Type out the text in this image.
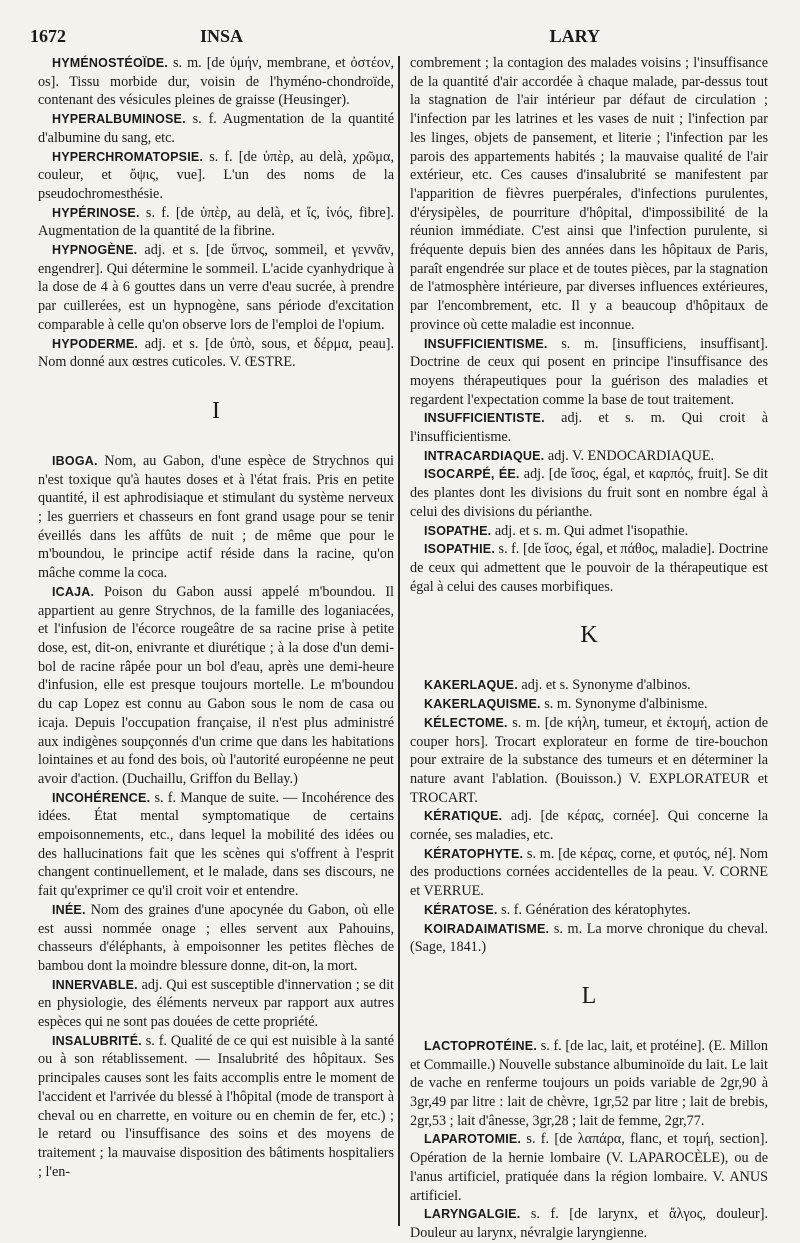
1672	INSA	LARY

HYMÉNOSTÉOÏDE. s. m. [de ὑμήν, membrane, et ὀστέον, os]. Tissu morbide dur, voisin de l'hyméno-chondroïde, contenant des vésicules pleines de graisse (Heusinger).

HYPERALBUMINOSE. s. f. Augmentation de la quantité d'albumine du sang, etc.

HYPERCHROMATOPSIE. s. f. [de ὑπὲρ, au delà, χρῶμα, couleur, et ὄψις, vue]. L'un des noms de la pseudochromesthésie.

HYPÉRINOSE. s. f. [de ὑπὲρ, au delà, et ἴς, ἰνός, fibre]. Augmentation de la quantité de la fibrine.

HYPNOGÈNE. adj. et s. [de ὕπνος, sommeil, et γεννᾶν, engendrer]. Qui détermine le sommeil. L'acide cyanhydrique à la dose de 4 à 6 gouttes dans un verre d'eau sucrée, à prendre par cuillerées, est un hypnogène, sans période d'excitation comparable à celle qu'on observe lors de l'emploi de l'opium.

HYPODERME. adj. et s. [de ὑπὸ, sous, et δέρμα, peau]. Nom donné aux œstres cuticoles. V. ŒSTRE.

I

IBOGA. Nom, au Gabon, d'une espèce de Strychnos qui n'est toxique qu'à hautes doses et à l'état frais. Pris en petite quantité, il est aphrodisiaque et stimulant du système nerveux ; les guerriers et chasseurs en font grand usage pour se tenir éveillés dans les affûts de nuit ; de même que pour le m'boundou, le principe actif réside dans la racine, qu'on mâche comme la coca.

ICAJA. Poison du Gabon aussi appelé m'boundou. Il appartient au genre Strychnos, de la famille des loganiacées, et l'infusion de l'écorce rougeâtre de sa racine prise à petite dose, est, dit-on, enivrante et diurétique ; à la dose d'un demi-bol de racine râpée pour un bol d'eau, après une demi-heure d'infusion, elle est presque toujours mortelle. Le m'boundou du cap Lopez est connu au Gabon sous le nom de casa ou icaja. Depuis l'occupation française, il n'est plus administré aux indigènes soupçonnés d'un crime que dans les habitations lointaines et au fond des bois, où l'autorité européenne ne peut avoir d'action. (Duchaillu, Griffon du Bellay.)

INCOHÉRENCE. s. f. Manque de suite. — Incohérence des idées. État mental symptomatique de certains empoisonnements, etc., dans lequel la mobilité des idées ou des hallucinations fait que les scènes qui s'offrent à l'esprit changent continuellement, et le malade, dans ses discours, ne fait qu'exprimer ce qu'il croit voir et entendre.

INÉE. Nom des graines d'une apocynée du Gabon, où elle est aussi nommée onage ; elles servent aux Pahouins, chasseurs d'éléphants, à empoisonner les petites flèches de bambou dont la moindre blessure donne, dit-on, la mort.

INNERVABLE. adj. Qui est susceptible d'innervation ; se dit en physiologie, des éléments nerveux par rapport aux autres espèces qui ne sont pas douées de cette propriété.

INSALUBRITÉ. s. f. Qualité de ce qui est nuisible à la santé ou à son rétablissement. — Insalubrité des hôpitaux. Ses principales causes sont les faits accomplis entre le moment de l'accident et l'arrivée du blessé à l'hôpital (mode de transport à cheval ou en charrette, en voiture ou en chemin de fer, etc.) ; le retard ou l'insuffisance des soins et des moyens de traitement ; la mauvaise disposition des bâtiments hospitaliers ; l'en-

combrement ; la contagion des malades voisins ; l'insuffisance de la quantité d'air accordée à chaque malade, par-dessus tout la stagnation de l'air intérieur par défaut de circulation ; l'infection par les latrines et les vases de nuit ; l'infection par les linges, objets de pansement, et literie ; l'infection par les parois des appartements habités ; la mauvaise qualité de l'air extérieur, etc. Ces causes d'insalubrité se manifestent par l'apparition de fièvres puerpérales, d'infections purulentes, d'érysipèles, de pourriture d'hôpital, d'impossibilité de la réunion immédiate. C'est ainsi que l'infection purulente, si fréquente depuis bien des années dans les hôpitaux de Paris, paraît engendrée sur place et de toutes pièces, par la stagnation de l'atmosphère intérieure, par diverses influences extérieures, par l'encombrement, etc. Il y a beaucoup d'hôpitaux de province où cette maladie est inconnue.

INSUFFICIENTISME. s. m. [insufficiens, insuffisant]. Doctrine de ceux qui posent en principe l'insuffisance des moyens thérapeutiques pour la guérison des maladies et regardent l'expectation comme la base de tout traitement.

INSUFFICIENTISTE. adj. et s. m. Qui croit à l'insufficientisme.

INTRACARDIAQUE. adj. V. ENDOCARDIAQUE.

ISOCARPÉ, ÉE. adj. [de ἴσος, égal, et καρπός, fruit]. Se dit des plantes dont les divisions du fruit sont en nombre égal à celui des divisions du périanthe.

ISOPATHE. adj. et s. m. Qui admet l'isopathie.

ISOPATHIE. s. f. [de ἴσος, égal, et πάθος, maladie]. Doctrine de ceux qui admettent que le pouvoir de la thérapeutique est égal à celui des causes morbifiques.

K

KAKERLAQUE. adj. et s. Synonyme d'albinos.

KAKERLAQUISME. s. m. Synonyme d'albinisme.

KÉLECTOME. s. m. [de κήλη, tumeur, et ἐκτομή, action de couper hors]. Trocart explorateur en forme de tire-bouchon pour extraire de la substance des tumeurs et en déterminer la nature avant l'ablation. (Bouisson.) V. EXPLORATEUR et TROCART.

KÉRATIQUE. adj. [de κέρας, cornée]. Qui concerne la cornée, ses maladies, etc.

KÉRATOPHYTE. s. m. [de κέρας, corne, et φυτός, né]. Nom des productions cornées accidentelles de la peau. V. CORNE et VERRUE.

KÉRATOSE. s. f. Génération des kératophytes.

KOIRADAIMATISME. s. m. La morve chronique du cheval. (Sage, 1841.)

L

LACTOPROTÉINE. s. f. [de lac, lait, et protéine]. (E. Millon et Commaille.) Nouvelle substance albuminoïde du lait. Le lait de vache en renferme toujours un poids variable de 2gr,90 à 3gr,49 par litre : lait de chèvre, 1gr,52 par litre ; lait de brebis, 2gr,53 ; lait d'ânesse, 3gr,28 ; lait de femme, 2gr,77.

LAPAROTOMIE. s. f. [de λαπάρα, flanc, et τομή, section]. Opération de la hernie lombaire (V. LAPAROCÈLE), ou de l'anus artificiel, pratiquée dans la région lombaire. V. ANUS artificiel.

LARYNGALGIE. s. f. [de larynx, et ἄλγος, douleur]. Douleur au larynx, névralgie laryngienne.
